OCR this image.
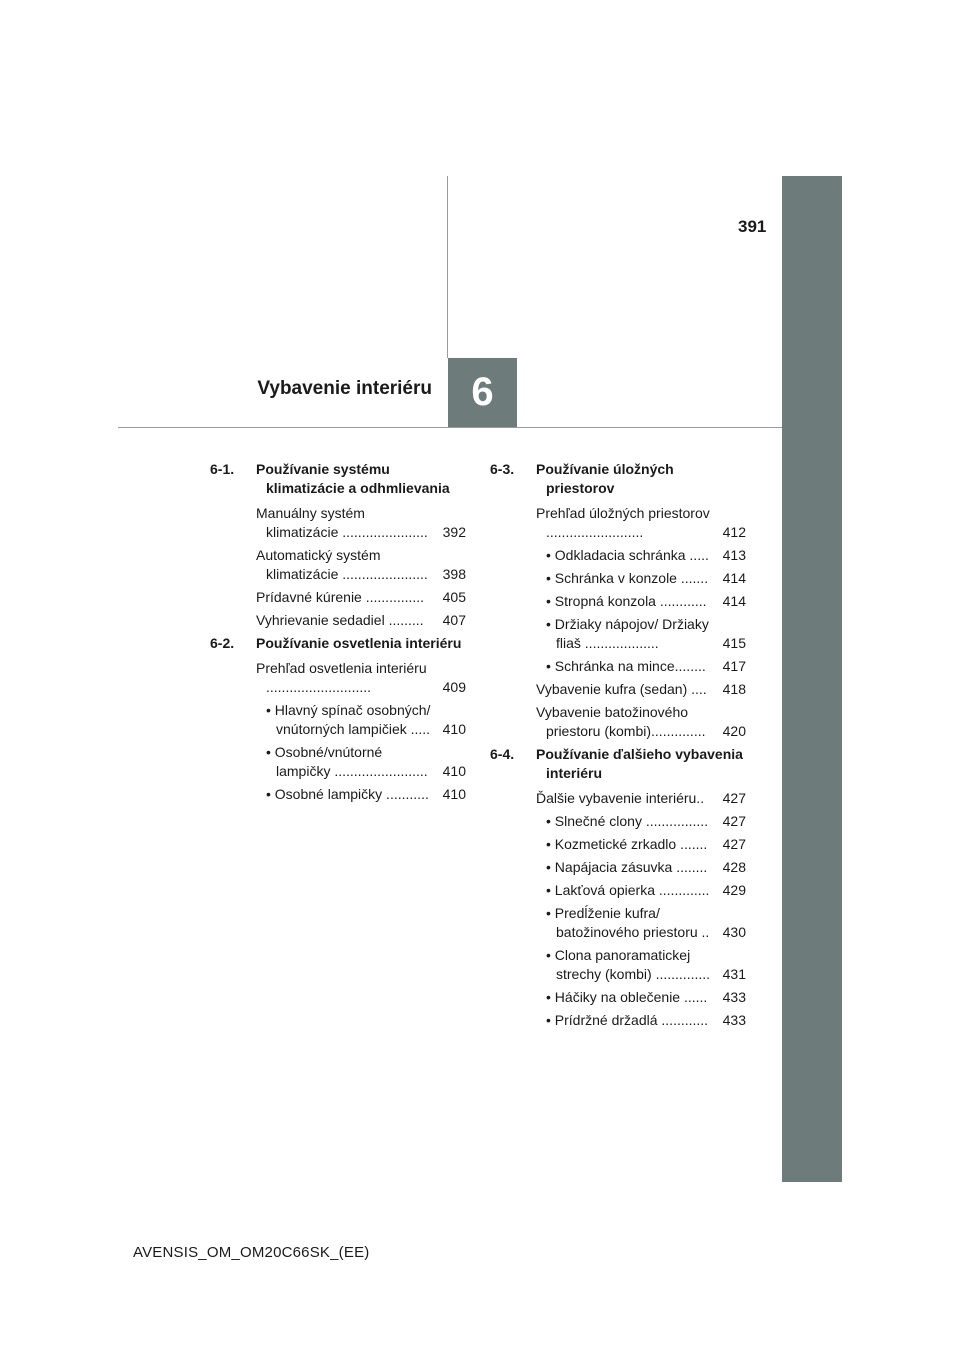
391
Vybavenie interiéru 6
6-1. Používanie systému klimatizácie a odhmlievania
Manuálny systém klimatizácie ......................	392
Automatický systém klimatizácie ......................	398
Prídavné kúrenie ...............	405
Vyhrievanie sedadiel .........	407
6-2. Používanie osvetlenia interiéru
Prehľad osvetlenia interiéru ...........................	409
• Hlavný spínač osobných/ vnútorných lampičiek ..... 410
• Osobné/vnútorné lampičky ........................	410
• Osobné lampičky ........... 410
6-3. Používanie úložných priestorov
Prehľad úložných priestorov .........................	412
• Odkladacia schránka ..... 413
• Schránka v konzole .......	414
• Stropná konzola ............	414
• Držiaky nápojov/ Držiaky fliaš ...................	415
• Schránka na mince........	417
Vybavenie kufra (sedan) ....	418
Vybavenie batožinového priestoru (kombi)..............	420
6-4. Používanie ďalšieho vybavenia interiéru
Ďalšie vybavenie interiéru..	427
• Slnečné clony ................	427
• Kozmetické zrkadlo .......	427
• Napájacia zásuvka ........	428
• Lakťová opierka ............. 429
• Predĺženie kufra/ batožinového priestoru .. 430
• Clona panoramatickej strechy (kombi) .............. 431
• Háčiky na oblečenie ......	433
• Prídržné držadlá ............	433
AVENSIS_OM_OM20C66SK_(EE)
